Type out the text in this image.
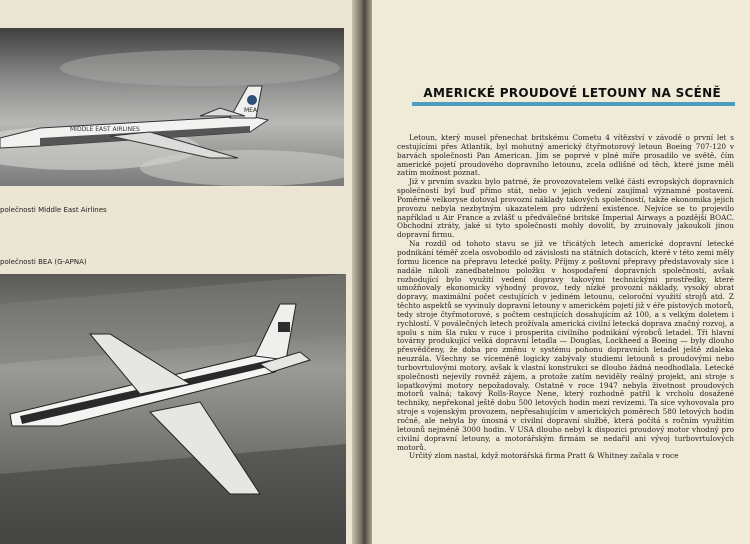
MIDDLE EAST AIRLINES
MEA
polečnosti Middle East Airlines
polečnosti BEA (G-APNA)
AMERICKÉ PROUDOVÉ LETOUNY NA SCÉNĚ

Letoun, který musel přenechat britskému Cometu 4 vítězství v závodě o první let s cestujícími přes Atlantik, byl mohutný americký čtyřmotorový letoun Boeing 707-120 v barvách společnosti Pan American. Jím se poprvé v plné míře prosadilo ve světě, čím americké pojetí proudového dopravního letounu, zcela odlišné od těch, které jsme měli zatím možnost poznat.

Již v prvním svazku bylo patrné, že provozovatelem velké části evropských dopravních společností byl buď přímo stát, nebo v jejich vedení zaujímal významné postavení. Poměrně velkoryse dotoval provozní náklady takových společností, takže ekonomika jejich provozu nebyla nezbytným ukazatelem pro udržení existence. Nejvíce se to projevilo například u Air France a zvlášť u předválečné britské Imperial Airways a pozdější BOAC. Obchodní ztráty, jaké si tyto společnosti mohly dovolit, by zruinovaly jakoukoli jinou dopravní firmu.

Na rozdíl od tohoto stavu se již ve třicátých letech americké dopravní letecké podnikání téměř zcela osvobodilo od závislosti na státních dotacích, které v této zemi měly formu licence na přepravu letecké pošty. Příjmy z poštovní přepravy představovaly sice i nadále nikoli zanedbatelnou položku v hospodaření dopravních společností, avšak rozhodující bylo využití vedení dopravy takovými technickými prostředky, které umožňovaly ekonomicky výhodný provoz, tedy nízké provozní náklady, vysoký obrat dopravy, maximální počet cestujících v jediném letounu, celoroční využití strojů atd. Z těchto aspektů se vyvinuly dopravní letouny v americkém pojetí již v éře pístových motorů, tedy stroje čtyřmotorové, s počtem cestujících dosahujícím až 100, a s velkým doletem i rychlostí. V poválečných letech prožívala americká civilní letecká doprava značný rozvoj, a spolu s ním šla ruku v ruce i prosperita civilního podnikání výrobců letadel. Tři hlavní továrny produkující velká dopravní letadla — Douglas, Lockheed a Boeing — byly dlouho přesvědčeny, že doba pro změnu v systému pohonu dopravních letadel ještě zdaleka neuzrála. Všechny se víceméně logicky zabývaly studiemi letounů s proudovými nebo turbovrtulovými motory, avšak k vlastní konstrukci se dlouho žádná neodhodlala. Letecké společnosti nejevily rovněž zájem, a protože zatím neviděly reálný projekt, ani stroje s lopatkovými motory nepožadovaly. Ostatně v roce 1947 nebyla životnost proudových motorů valná; takový Rolls-Royce Nene, který rozhodně patřil k vrcholu dosažené techniky, nepřekonal ještě dobu 500 letových hodin mezi revizemi. Ta sice vyhovovala pro stroje s vojenským provozem, nepřesahujícím v amerických poměrech 580 letových hodin ročně, ale nebyla by únosná v civilní dopravní službě, která počítá s ročním využitím letounů nejméně 3000 hodin. V USA dlouho nebyl k dispozici proudový motor vhodný pro civilní dopravní letouny, a motorářským firmám se nedařil ani vývoj turbovrtulových motorů.

Určitý zlom nastal, když motorářská firma Pratt & Whitney začala v roce
